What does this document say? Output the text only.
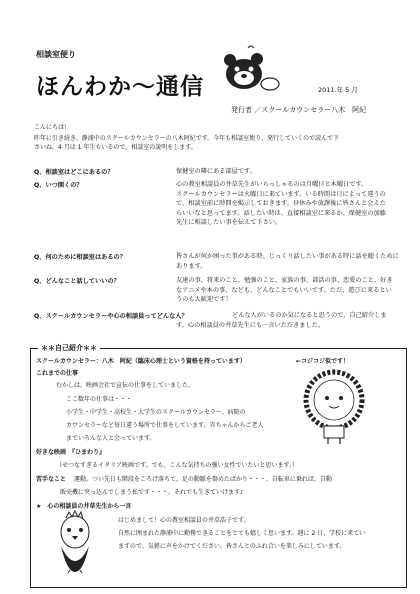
相談室便り
ほんわか～通信	2011.年 5 月
発行者 ／スクールカウンセラー八木　阿紀
こんにちは！
昨年に引き続き、静浦中のスクールカウンセラーの八木阿紀です。今年も相談室便り、発行していくので読んで下
さいね。4 月は 1 年生もいるので、相談室の説明をします。
Q、相談室はどこにあるの？	保健室の隣にある部屋です。
Q、いつ開くの？	心の教室相談員の井草先生がいらっしゃるのは月曜日と木曜日です。
スクールカウンセラーは火曜日に来ています。いる時間は日によって違うの
で、相談室前に時間を掲示しておきます。昼休みや放課後に皆さんと会えた
らいいなと思ってます。話したい時は、直接相談室に来るか、保健室の加藤
先生に相談したい事を伝えて下さい。
Q、何のために相談室はあるの？	皆さんが何か困った事がある時、じっくり話したい事がある時に話を聴くために
あります。
Q、どんなこと話していいの？	友達の事、将来のこと、勉強のこと、家族の事、部活の事、恋愛のこと、好き
なアニメや本の事、なども、どんなことでもいいです。ただ、遊びに来るとい
うのも大歓迎です！
Q、スクールカウンセラーや心の相談員ってどんな人？	どんな人がいるのか気になると思うので、自己紹介しま
す。心の相談員の井草先生にも一言いただきました。
＊＊自己紹介＊＊
スクールカウンセラー：八木　阿紀（臨床心理士という資格を持っています）	←コジコジ似です！
これまでの仕事
むかしは、映画会社で宣伝の仕事をしていました。
ここ数年の仕事は・・・
小学生・中学生・高校生・大学生のスクールカウンセラー、病院の
カウンセラーなど毎日違う場所で仕事をしています。赤ちゃんからご老人
までいろんな人と会っています。
好きな映画　『ひまわり』
（せつなすぎるイタリア映画です。でも、こんな気持ちの強い女性でいたいと思います。）
苦手なこと 運動。つい先日も階段をころげ落ちて、足の動脈を傷めたばかり・・・。自転車に乗れば、自動
販売機に突っ込んでしまう私です・・・。それでも生きていけます♪
★　心の相談員の井草先生から一言
はじめまして！心の教室相談員の井草浩子です。
自然に囲まれた静浦中に勤務できることをとても嬉しく思います。週に 2 日、学校に来てい
ますので、気軽に声をかけてください。皆さんとのふれ合いを楽しみにしています。
